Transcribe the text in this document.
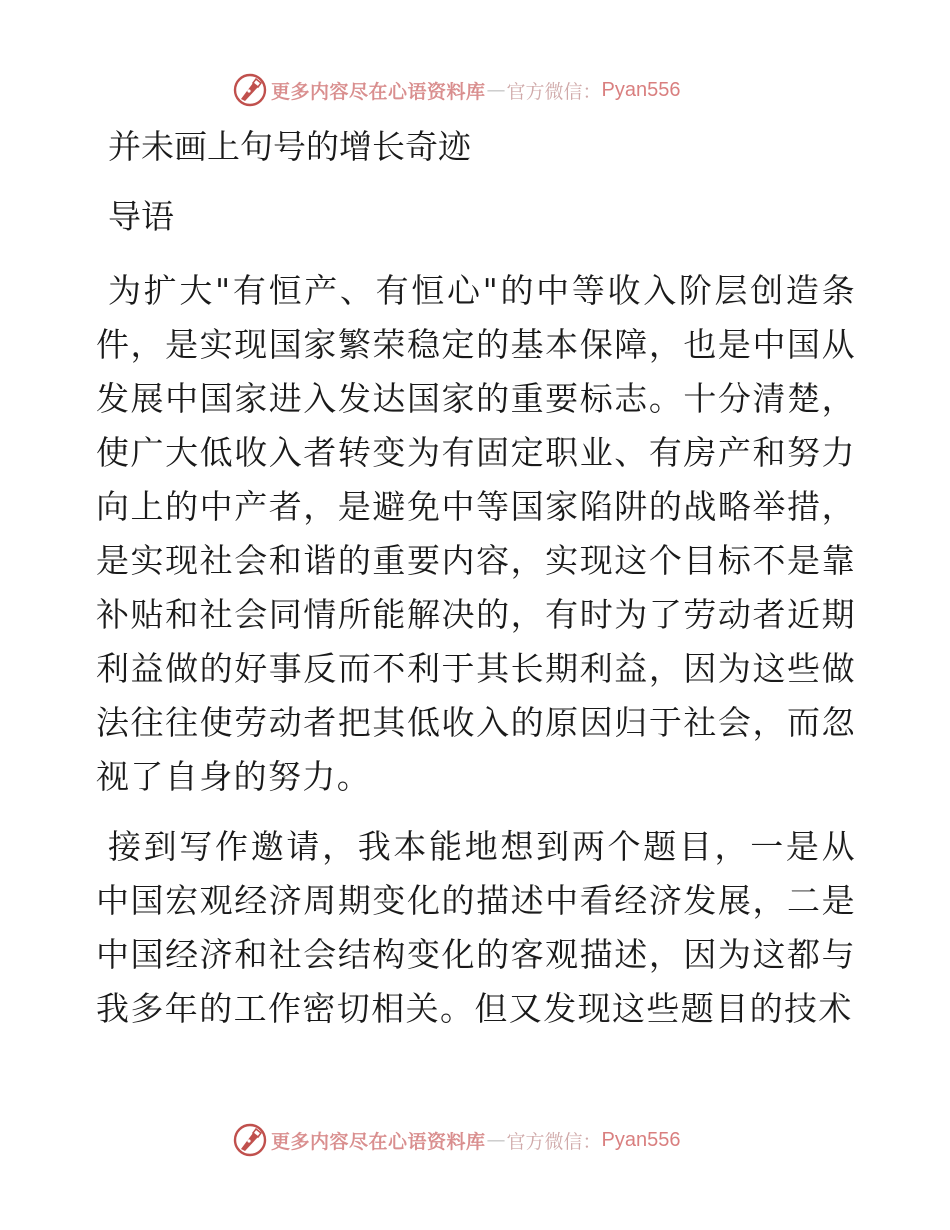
更多内容尽在心语资料库 — 官方微信： Pyan556
并未画上句号的增长奇迹
导语

为扩大"有恒产、有恒心"的中等收入阶层创造条件，是实现国家繁荣稳定的基本保障，也是中国从发展中国家进入发达国家的重要标志。十分清楚，使广大低收入者转变为有固定职业、有房产和努力向上的中产者，是避免中等国家陷阱的战略举措，是实现社会和谐的重要内容，实现这个目标不是靠补贴和社会同情所能解决的，有时为了劳动者近期利益做的好事反而不利于其长期利益，因为这些做法往往使劳动者把其低收入的原因归于社会，而忽视了自身的努力。

接到写作邀请，我本能地想到两个题目，一是从中国宏观经济周期变化的描述中看经济发展，二是中国经济和社会结构变化的客观描述，因为这都与我多年的工作密切相关。但又发现这些题目的技术

更多内容尽在心语资料库 — 官方微信： Pyan556
